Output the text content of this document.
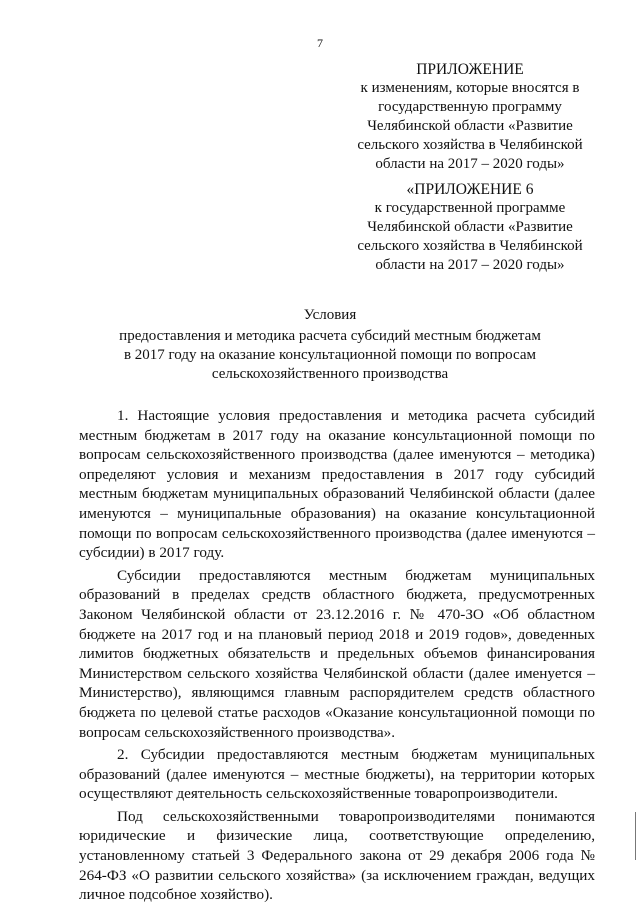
7
ПРИЛОЖЕНИЕ
к изменениям, которые вносятся в
государственную программу
Челябинской области «Развитие
сельского хозяйства в Челябинской
области на 2017 – 2020 годы»
«ПРИЛОЖЕНИЕ 6
к государственной программе
Челябинской области «Развитие
сельского хозяйства в Челябинской
области на 2017 – 2020 годы»
Условия
предоставления и методика расчета субсидий местным бюджетам
в 2017 году на оказание консультационной помощи по вопросам
сельскохозяйственного производства

1. Настоящие условия предоставления и методика расчета субсидий местным бюджетам в 2017 году на оказание консультационной помощи по вопросам сельскохозяйственного производства (далее именуются – методика) определяют условия и механизм предоставления в 2017 году субсидий местным бюджетам муниципальных образований Челябинской области (далее именуются – муниципальные образования) на оказание консультационной помощи по вопросам сельскохозяйственного производства (далее именуются – субсидии) в 2017 году.

Субсидии предоставляются местным бюджетам муниципальных образований в пределах средств областного бюджета, предусмотренных Законом Челябинской области от 23.12.2016 г. № 470-ЗО «Об областном бюджете на 2017 год и на плановый период 2018 и 2019 годов», доведенных лимитов бюджетных обязательств и предельных объемов финансирования Министерством сельского хозяйства Челябинской области (далее именуется – Министерство), являющимся главным распорядителем средств областного бюджета по целевой статье расходов «Оказание консультационной помощи по вопросам сельскохозяйственного производства».

2. Субсидии предоставляются местным бюджетам муниципальных образований (далее именуются – местные бюджеты), на территории которых осуществляют деятельность сельскохозяйственные товаропроизводители.

Под сельскохозяйственными товаропроизводителями понимаются юридические и физические лица, соответствующие определению, установленному статьей 3 Федерального закона от 29 декабря 2006 года № 264-ФЗ «О развитии сельского хозяйства» (за исключением граждан, ведущих личное подсобное хозяйство).
